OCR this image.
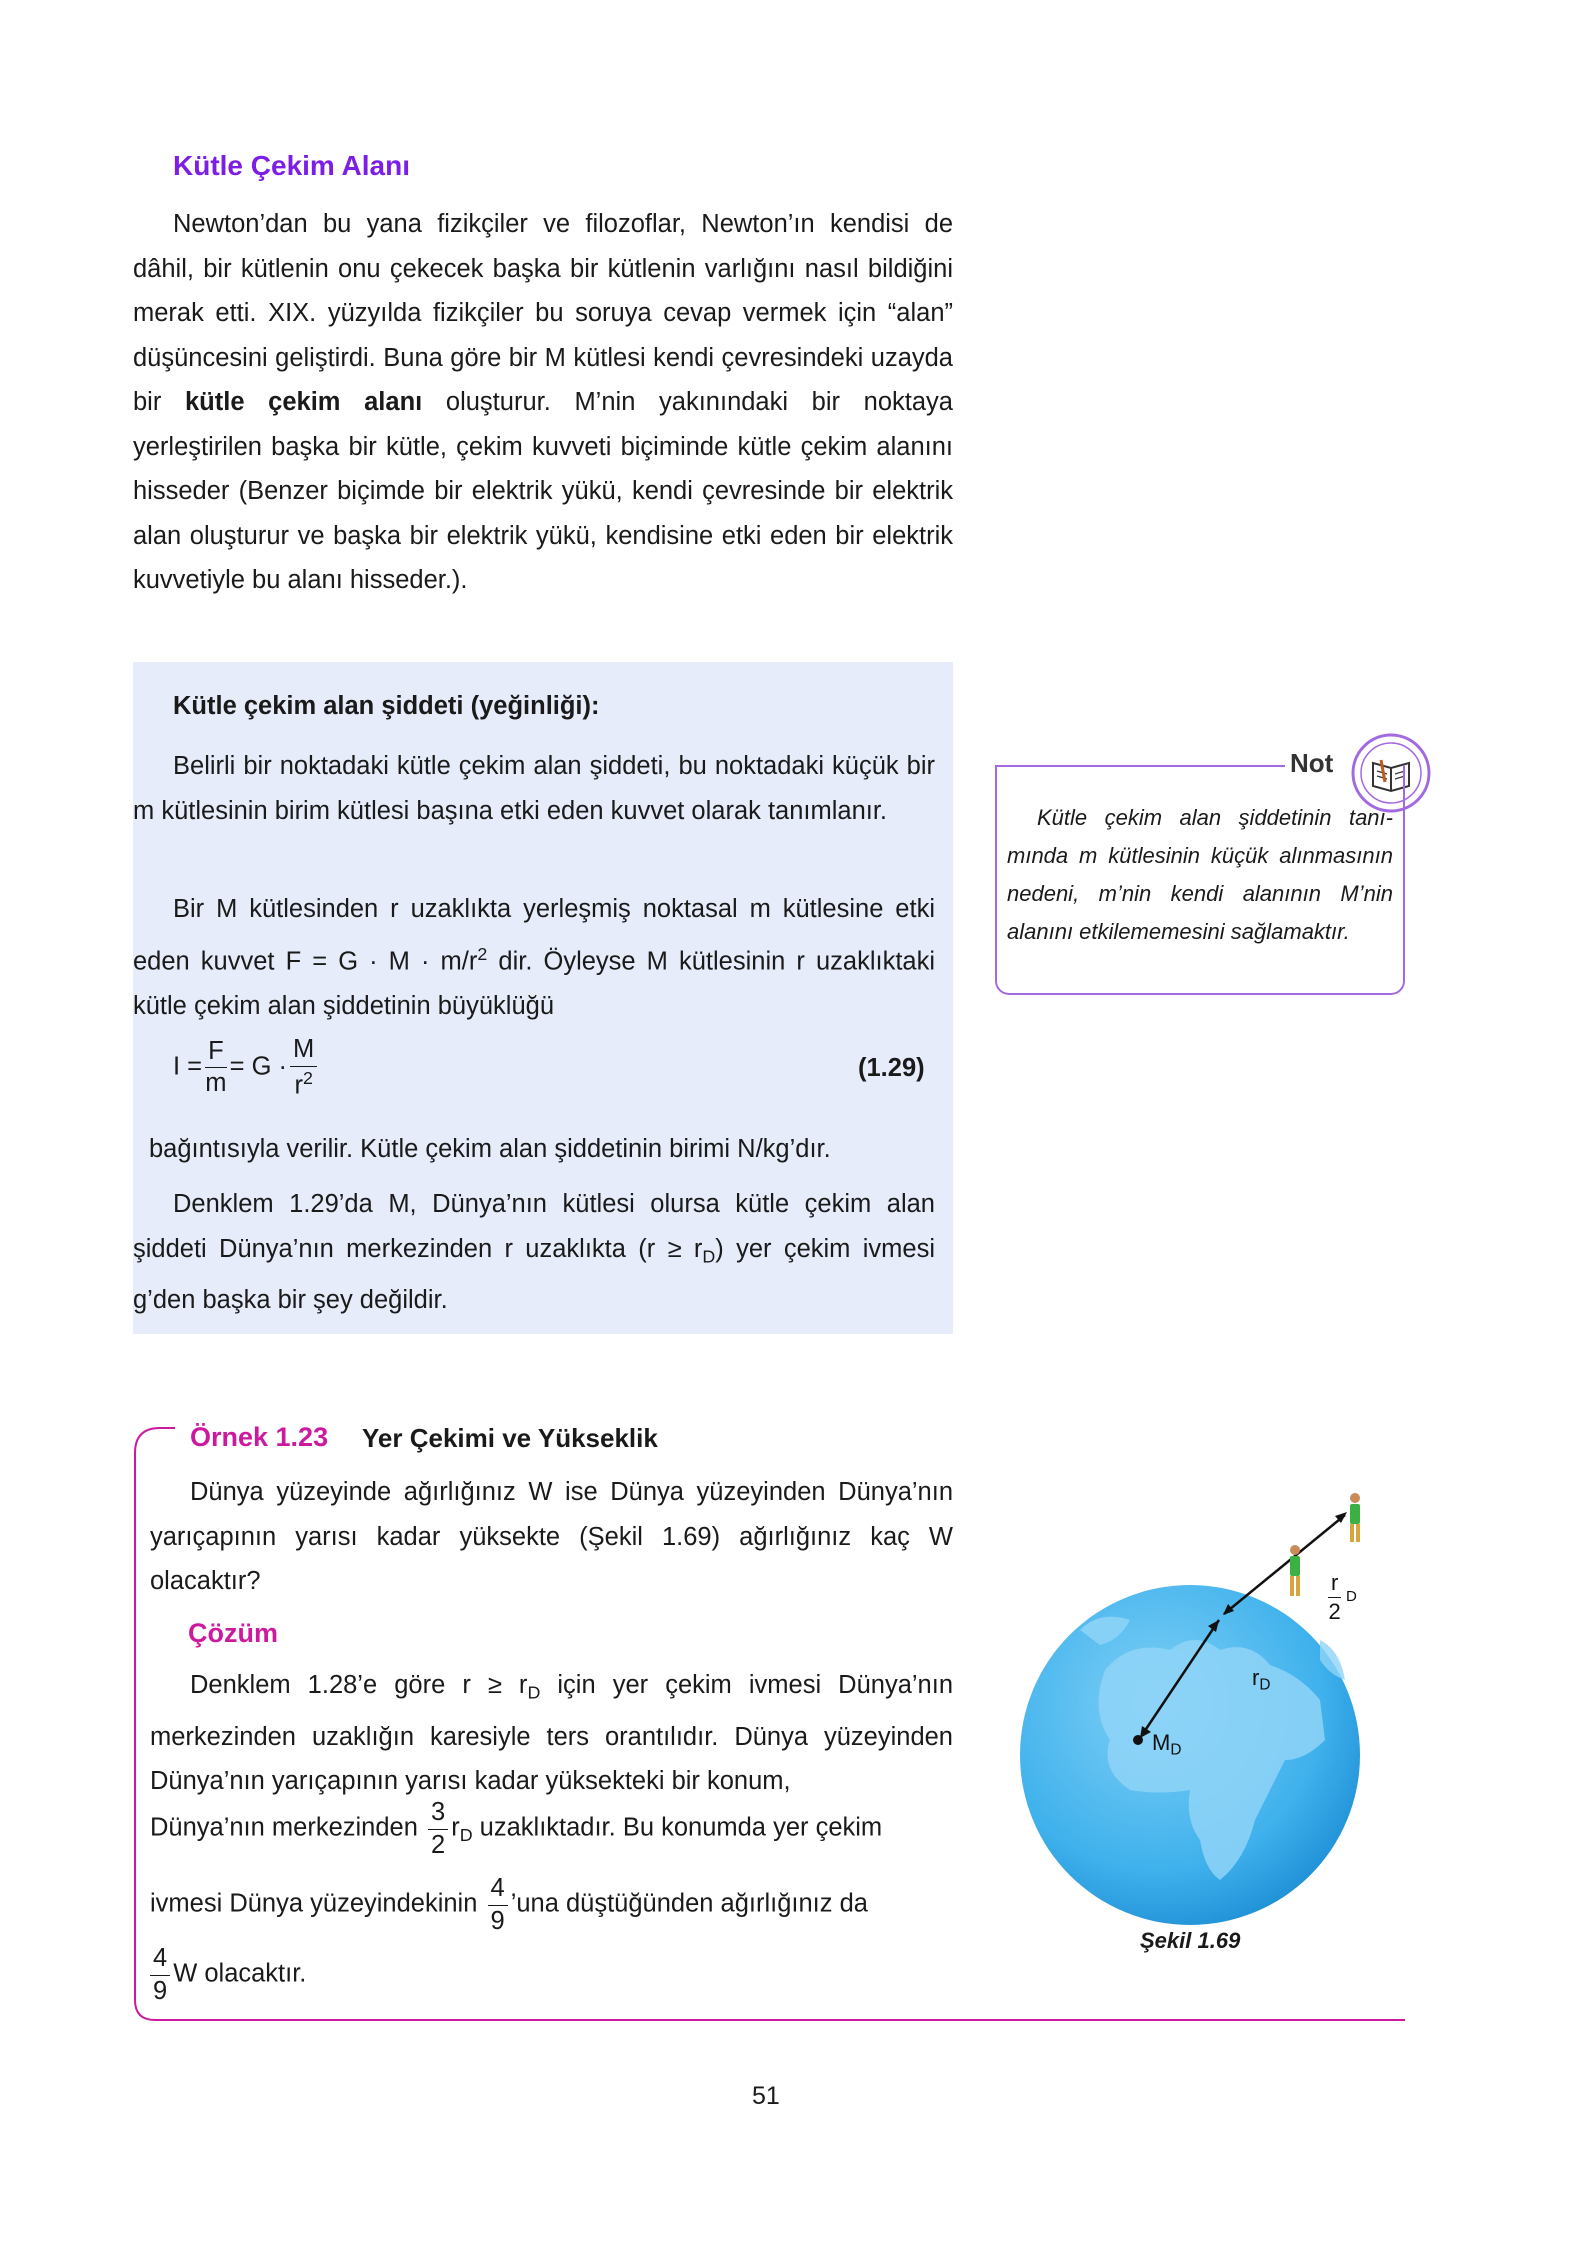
Kütle Çekim Alanı

Newton’dan bu yana fizikçiler ve filozoflar, Newton’ın kendisi de dâhil, bir kütlenin onu çekecek başka bir kütlenin varlığını nasıl bildiğini merak etti. XIX. yüzyılda fizikçiler bu soruya cevap vermek için “alan” düşüncesini geliştirdi. Buna göre bir M kütlesi kendi çevresindeki uzayda bir kütle çekim alanı oluşturur. M’nin yakınındaki bir noktaya yerleştirilen başka bir kütle, çekim kuvveti biçiminde kütle çekim alanını hisseder (Benzer biçimde bir elektrik yükü, kendi çevresinde bir elektrik alan oluşturur ve başka bir elektrik yükü, kendisine etki eden bir elektrik kuvvetiyle bu alanı hisseder.).

Kütle çekim alan şiddeti (yeğinliği):

Belirli bir noktadaki kütle çekim alan şiddeti, bu noktadaki küçük bir m kütlesinin birim kütlesi başına etki eden kuvvet olarak tanımlanır.

Bir M kütlesinden r uzaklıkta yerleşmiş noktasal m kütlesine etki eden kuvvet $F = G \cdot M \cdot m/r^2$ dir. Öyleyse M kütlesinin r uzaklıktaki kütle çekim alan şiddetinin büyüklüğü

$I = \frac{F}{m} = G \cdot \frac{M}{r^2}$	(1.29)

bağıntısıyla verilir. Kütle çekim alan şiddetinin birimi N/kg’dır.

Denklem 1.29’da M, Dünya’nın kütlesi olursa kütle çekim alan şiddeti Dünya’nın merkezinden r uzaklıkta $(r \ge r_D)$ yer çekim ivmesi g’den başka bir şey değildir.

Not

Kütle çekim alan şiddetinin tanımında m kütlesinin küçük alınmasının nedeni, m’nin kendi alanının M’nin alanını etkilememesini sağlamaktır.

Örnek 1.23 Yer Çekimi ve Yükseklik

Dünya yüzeyinde ağırlığınız W ise Dünya yüzeyinden Dünya’nın yarıçapının yarısı kadar yüksekte (Şekil 1.69) ağırlığınız kaç W olacaktır?

Çözüm

Denklem 1.28’e göre $r \ge r_D$ için yer çekim ivmesi Dünya’nın merkezinden uzaklığın karesiyle ters orantılıdır. Dünya yüzeyinden Dünya’nın yarıçapının yarısı kadar yüksekteki bir konum,

Dünya’nın merkezinden $\frac{3}{2} r_D$ uzaklıktadır. Bu konumda yer çekim
ivmesi Dünya yüzeyindekinin $\frac{4}{9}$ ’una düştüğünden ağırlığınız da
$\frac{4}{9}$ W olacaktır.
$M_D$
$r_D$
$\frac{r}{2}$ D
Şekil 1.69
51
